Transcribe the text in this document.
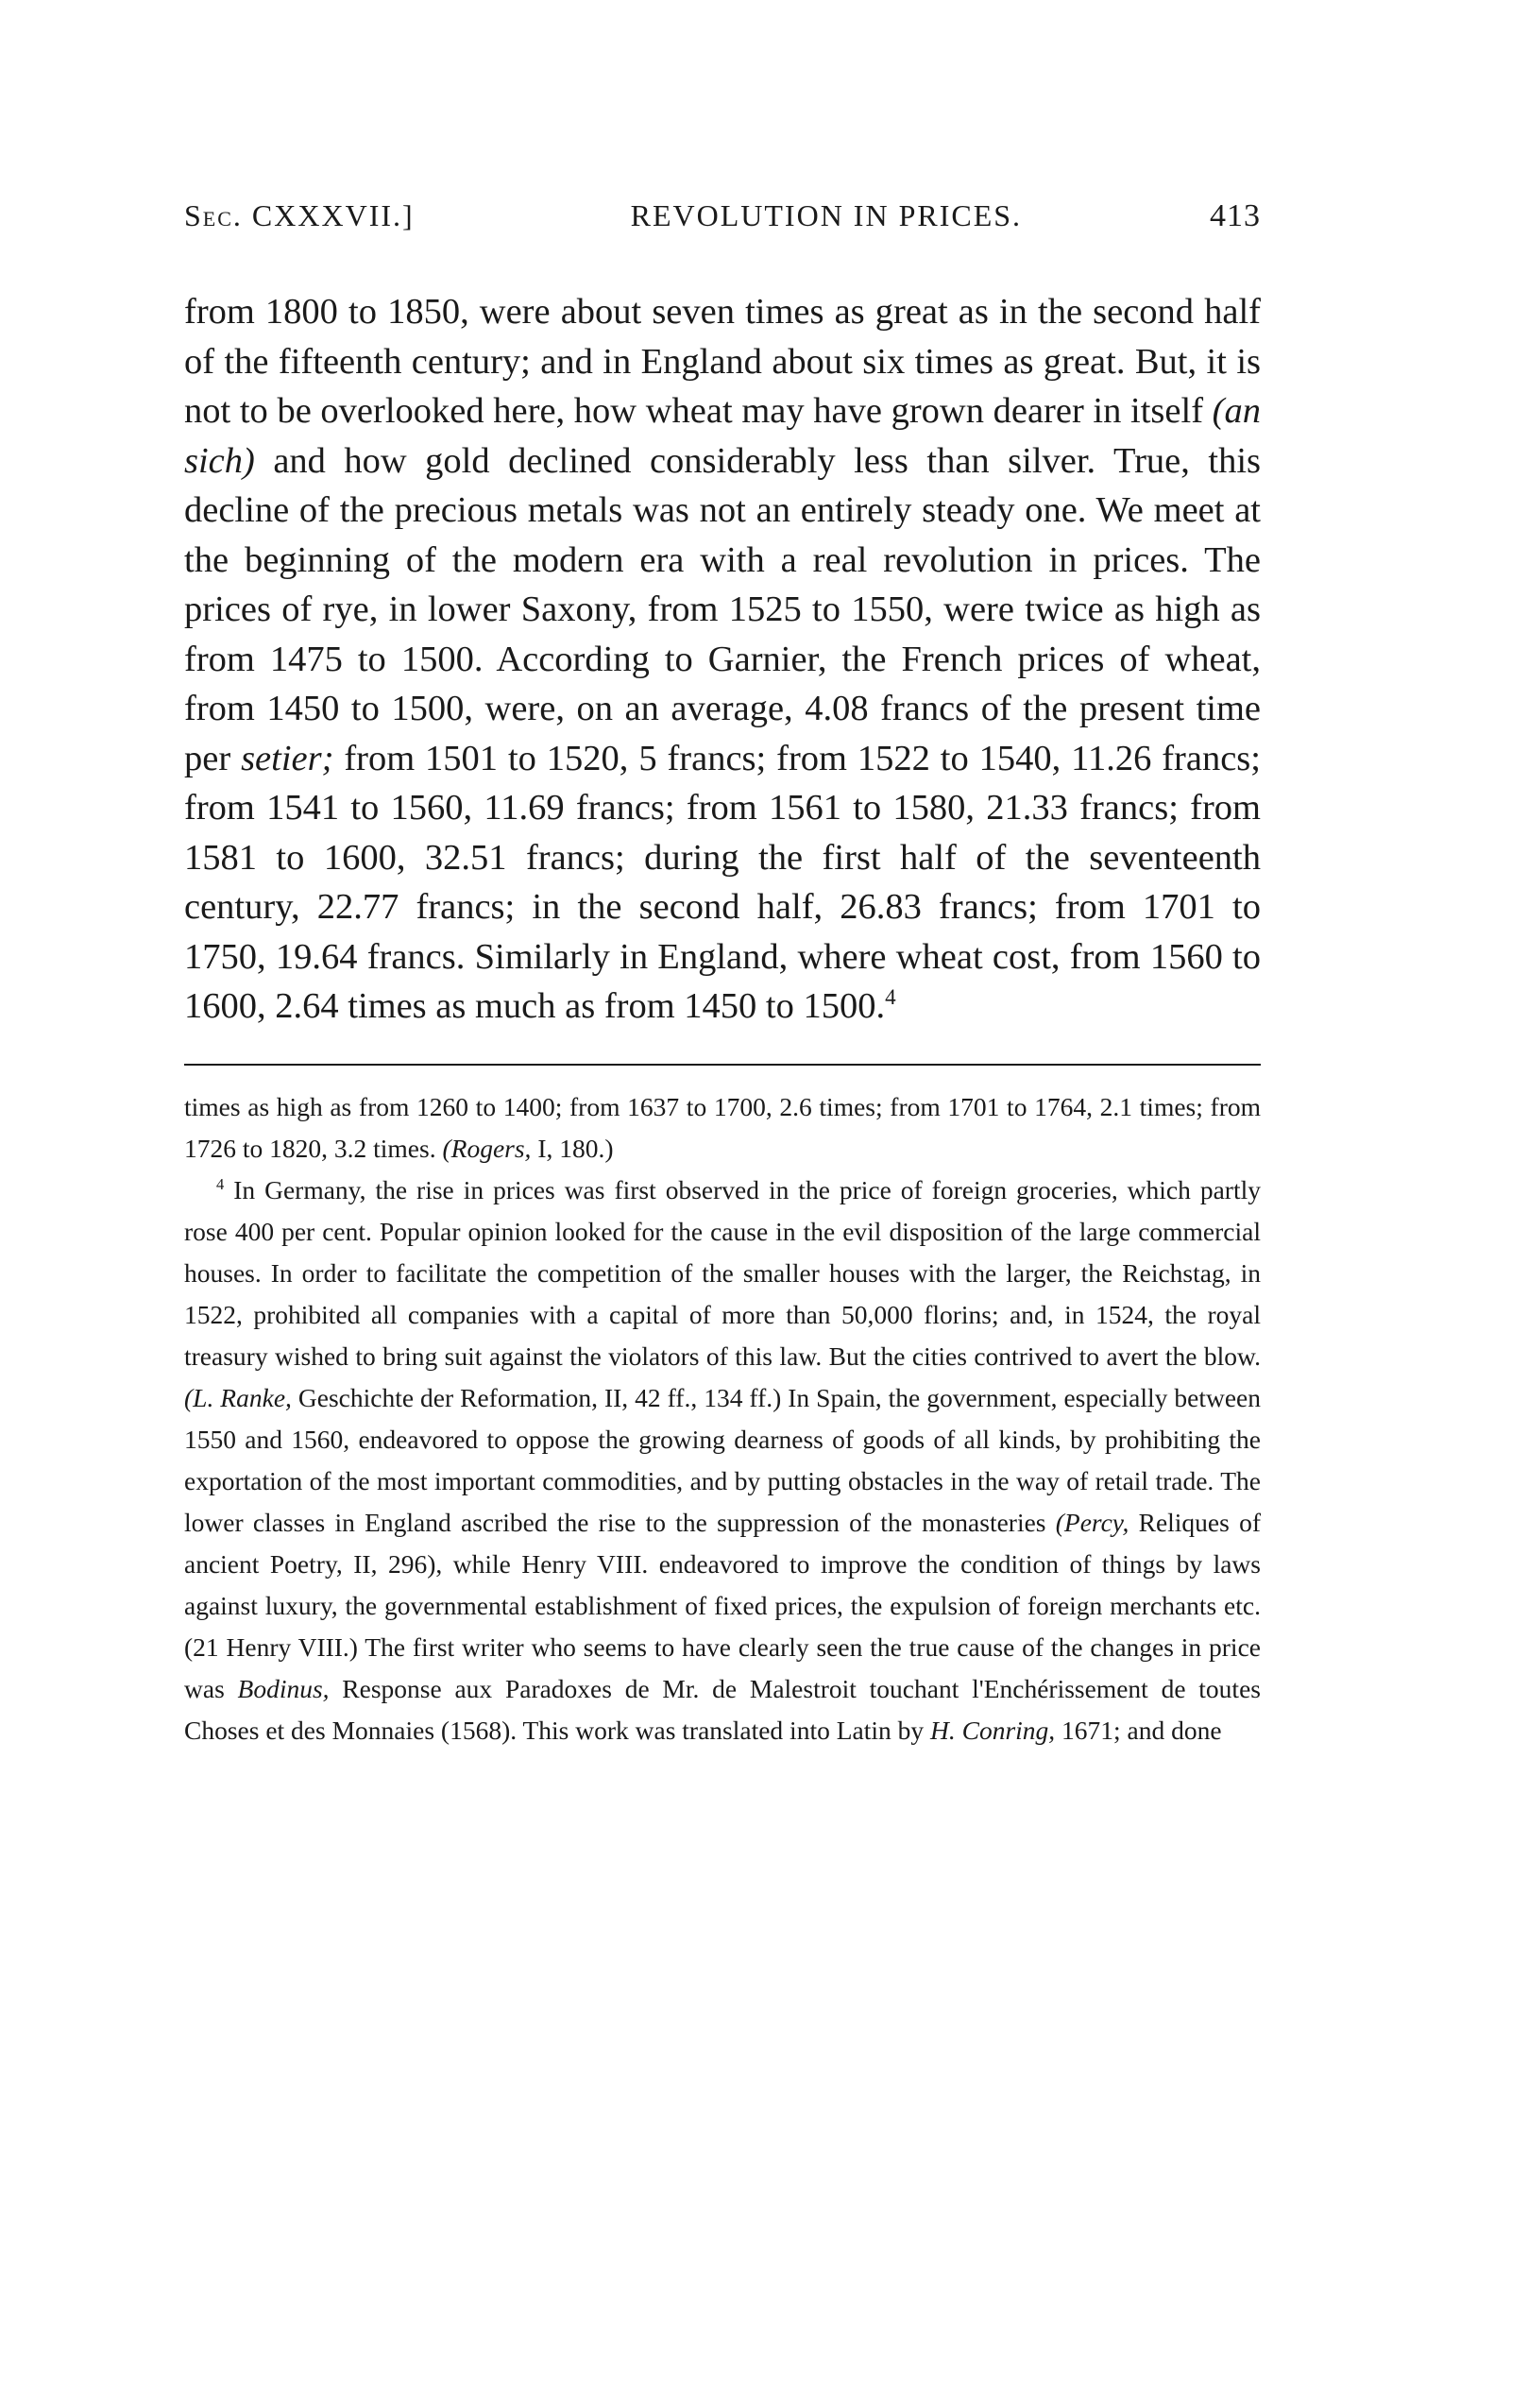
Sec. CXXXVII.]	REVOLUTION IN PRICES.	413

from 1800 to 1850, were about seven times as great as in the second half of the fifteenth century; and in England about six times as great. But, it is not to be overlooked here, how wheat may have grown dearer in itself (an sich) and how gold declined considerably less than silver. True, this decline of the precious metals was not an entirely steady one. We meet at the beginning of the modern era with a real revolution in prices. The prices of rye, in lower Saxony, from 1525 to 1550, were twice as high as from 1475 to 1500. According to Garnier, the French prices of wheat, from 1450 to 1500, were, on an average, 4.08 francs of the present time per setier; from 1501 to 1520, 5 francs; from 1522 to 1540, 11.26 francs; from 1541 to 1560, 11.69 francs; from 1561 to 1580, 21.33 francs; from 1581 to 1600, 32.51 francs; during the first half of the seventeenth century, 22.77 francs; in the second half, 26.83 francs; from 1701 to 1750, 19.64 francs. Similarly in England, where wheat cost, from 1560 to 1600, 2.64 times as much as from 1450 to 1500.$^4$

times as high as from 1260 to 1400; from 1637 to 1700, 2.6 times; from 1701 to 1764, 2.1 times; from 1726 to 1820, 3.2 times. (Rogers, I, 180.)

$^4$ In Germany, the rise in prices was first observed in the price of foreign groceries, which partly rose 400 per cent. Popular opinion looked for the cause in the evil disposition of the large commercial houses. In order to facilitate the competition of the smaller houses with the larger, the Reichstag, in 1522, prohibited all companies with a capital of more than 50,000 florins; and, in 1524, the royal treasury wished to bring suit against the violators of this law. But the cities contrived to avert the blow. (L. Ranke, Geschichte der Reformation, II, 42 ff., 134 ff.) In Spain, the government, especially between 1550 and 1560, endeavored to oppose the growing dearness of goods of all kinds, by prohibiting the exportation of the most important commodities, and by putting obstacles in the way of retail trade. The lower classes in England ascribed the rise to the suppression of the monasteries (Percy, Reliques of ancient Poetry, II, 296), while Henry VIII. endeavored to improve the condition of things by laws against luxury, the governmental establishment of fixed prices, the expulsion of foreign merchants etc. (21 Henry VIII.) The first writer who seems to have clearly seen the true cause of the changes in price was Bodinus, Response aux Paradoxes de Mr. de Malestroit touchant l'Enchérissement de toutes Choses et des Monnaies (1568). This work was translated into Latin by H. Conring, 1671; and done
